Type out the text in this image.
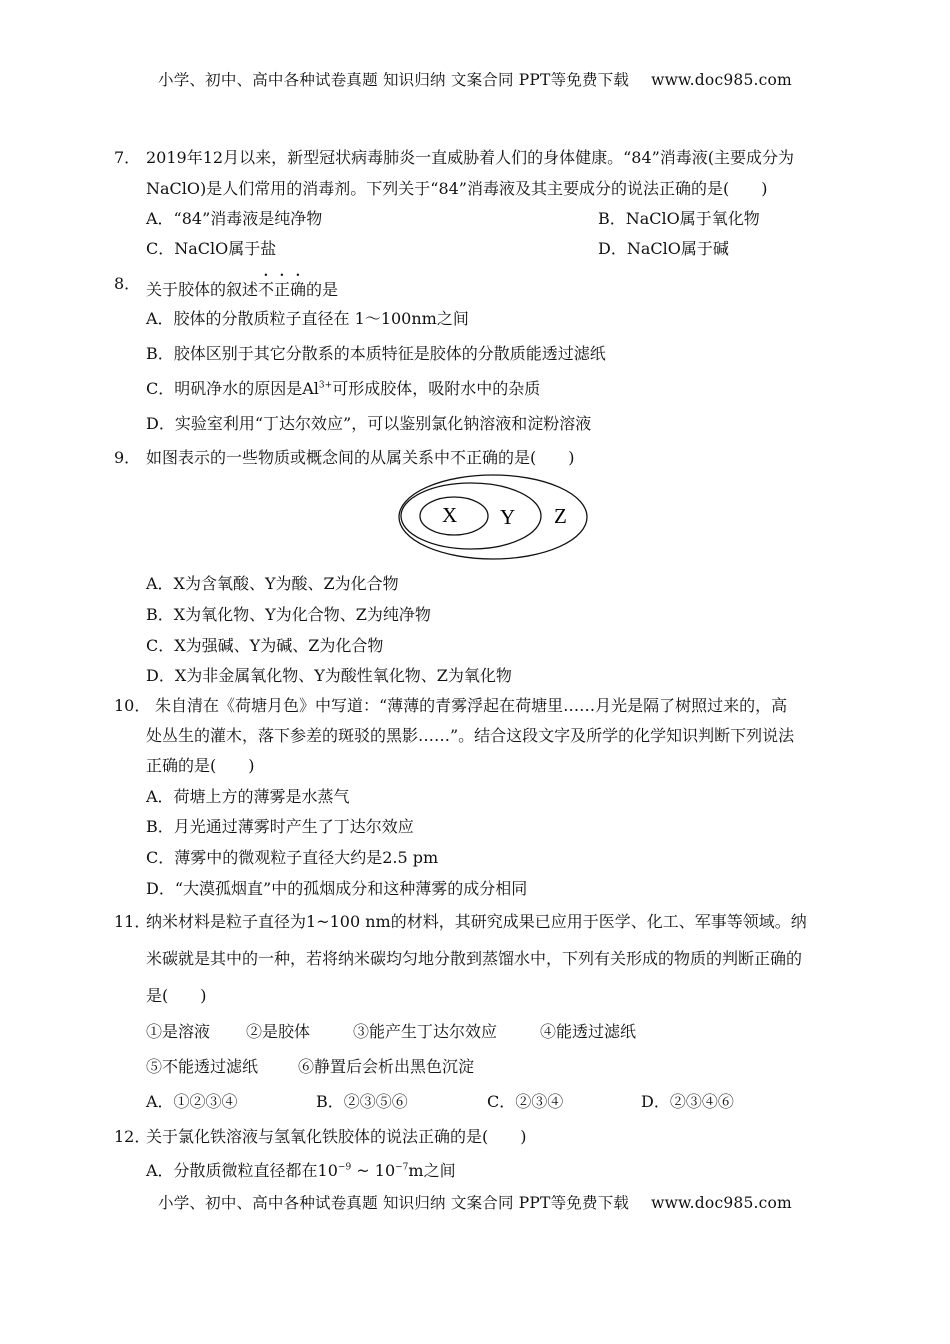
小学、初中、高中各种试卷真题 知识归纳 文案合同 PPT等免费下载 www.doc985.com
7． 2019年12月以来，新型冠状病毒肺炎一直威胁着人们的身体健康。“84”消毒液(主要成分为
NaClO)是人们常用的消毒剂。下列关于“84”消毒液及其主要成分的说法正确的是(　　)
A．“84”消毒液是纯净物	B．NaClO属于氧化物
C．NaClO属于盐	D．NaClO属于碱
8． 关于胶体的叙述不正确的是
A．胶体的分散质粒子直径在 1～100nm之间
B．胶体区别于其它分散系的本质特征是胶体的分散质能透过滤纸
C．明矾净水的原因是$Al^{3+}$可形成胶体，吸附水中的杂质
D．实验室利用“丁达尔效应”，可以鉴别氯化钠溶液和淀粉溶液
9． 如图表示的一些物质或概念间的从属关系中不正确的是(　　)
X Y Z
A．X为含氧酸、Y为酸、Z为化合物
B．X为氧化物、Y为化合物、Z为纯净物
C．X为强碱、Y为碱、Z为化合物
D．X为非金属氧化物、Y为酸性氧化物、Z为氧化物
10． 朱自清在《荷塘月色》中写道：“薄薄的青雾浮起在荷塘里……月光是隔了树照过来的，高
处丛生的灌木，落下参差的斑驳的黑影……”。结合这段文字及所学的化学知识判断下列说法
正确的是(　　)
A．荷塘上方的薄雾是水蒸气
B．月光通过薄雾时产生了丁达尔效应
C．薄雾中的微观粒子直径大约是2.5 pm
D．“大漠孤烟直”中的孤烟成分和这种薄雾的成分相同
11．
纳米材料是粒子直径为1~100 nm的材料，其研究成果已应用于医学、化工、军事等领域。纳
米碳就是其中的一种，若将纳米碳均匀地分散到蒸馏水中，下列有关形成的物质的判断正确的
是(　　)
①是溶液 ②是胶体	③能产生丁达尔效应	④能透过滤纸
⑤不能透过滤纸 ⑥静置后会析出黑色沉淀
A．①②③④	B．②③⑤⑥	C．②③④	D．②③④⑥
12．
关于氯化铁溶液与氢氧化铁胶体的说法正确的是(　　)
A．分散质微粒直径都在$10^{-9}$ ~ $10^{-7}m$之间
小学、初中、高中各种试卷真题 知识归纳 文案合同 PPT等免费下载 www.doc985.com
